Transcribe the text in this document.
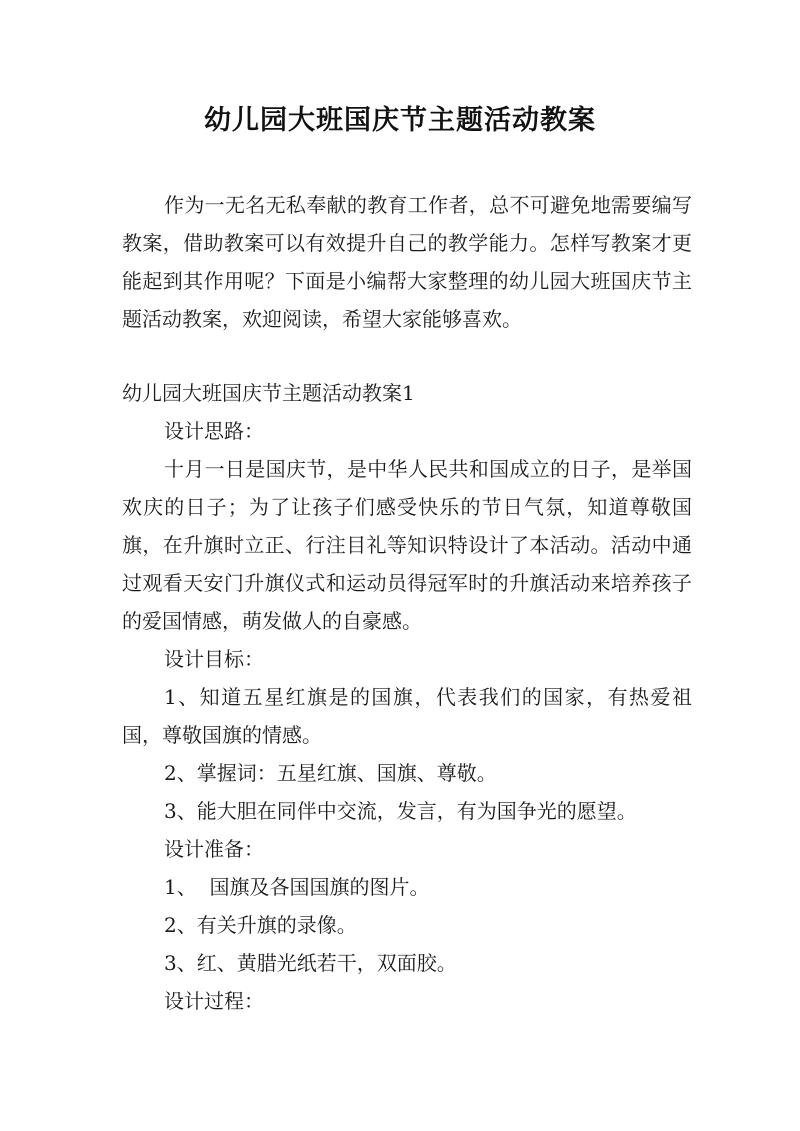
幼儿园大班国庆节主题活动教案
作为一无名无私奉献的教育工作者，总不可避免地需要编写教案，借助教案可以有效提升自己的教学能力。怎样写教案才更能起到其作用呢？下面是小编帮大家整理的幼儿园大班国庆节主题活动教案，欢迎阅读，希望大家能够喜欢。
幼儿园大班国庆节主题活动教案1
设计思路：
十月一日是国庆节，是中华人民共和国成立的日子，是举国欢庆的日子；为了让孩子们感受快乐的节日气氛，知道尊敬国旗，在升旗时立正、行注目礼等知识特设计了本活动。活动中通过观看天安门升旗仪式和运动员得冠军时的升旗活动来培养孩子的爱国情感，萌发做人的自豪感。
设计目标：
1、知道五星红旗是的国旗，代表我们的国家，有热爱祖国，尊敬国旗的情感。
2、掌握词：五星红旗、国旗、尊敬。
3、能大胆在同伴中交流，发言，有为国争光的愿望。
设计准备：
1、  国旗及各国国旗的图片。
2、有关升旗的录像。
3、红、黄腊光纸若干，双面胶。
设计过程：
